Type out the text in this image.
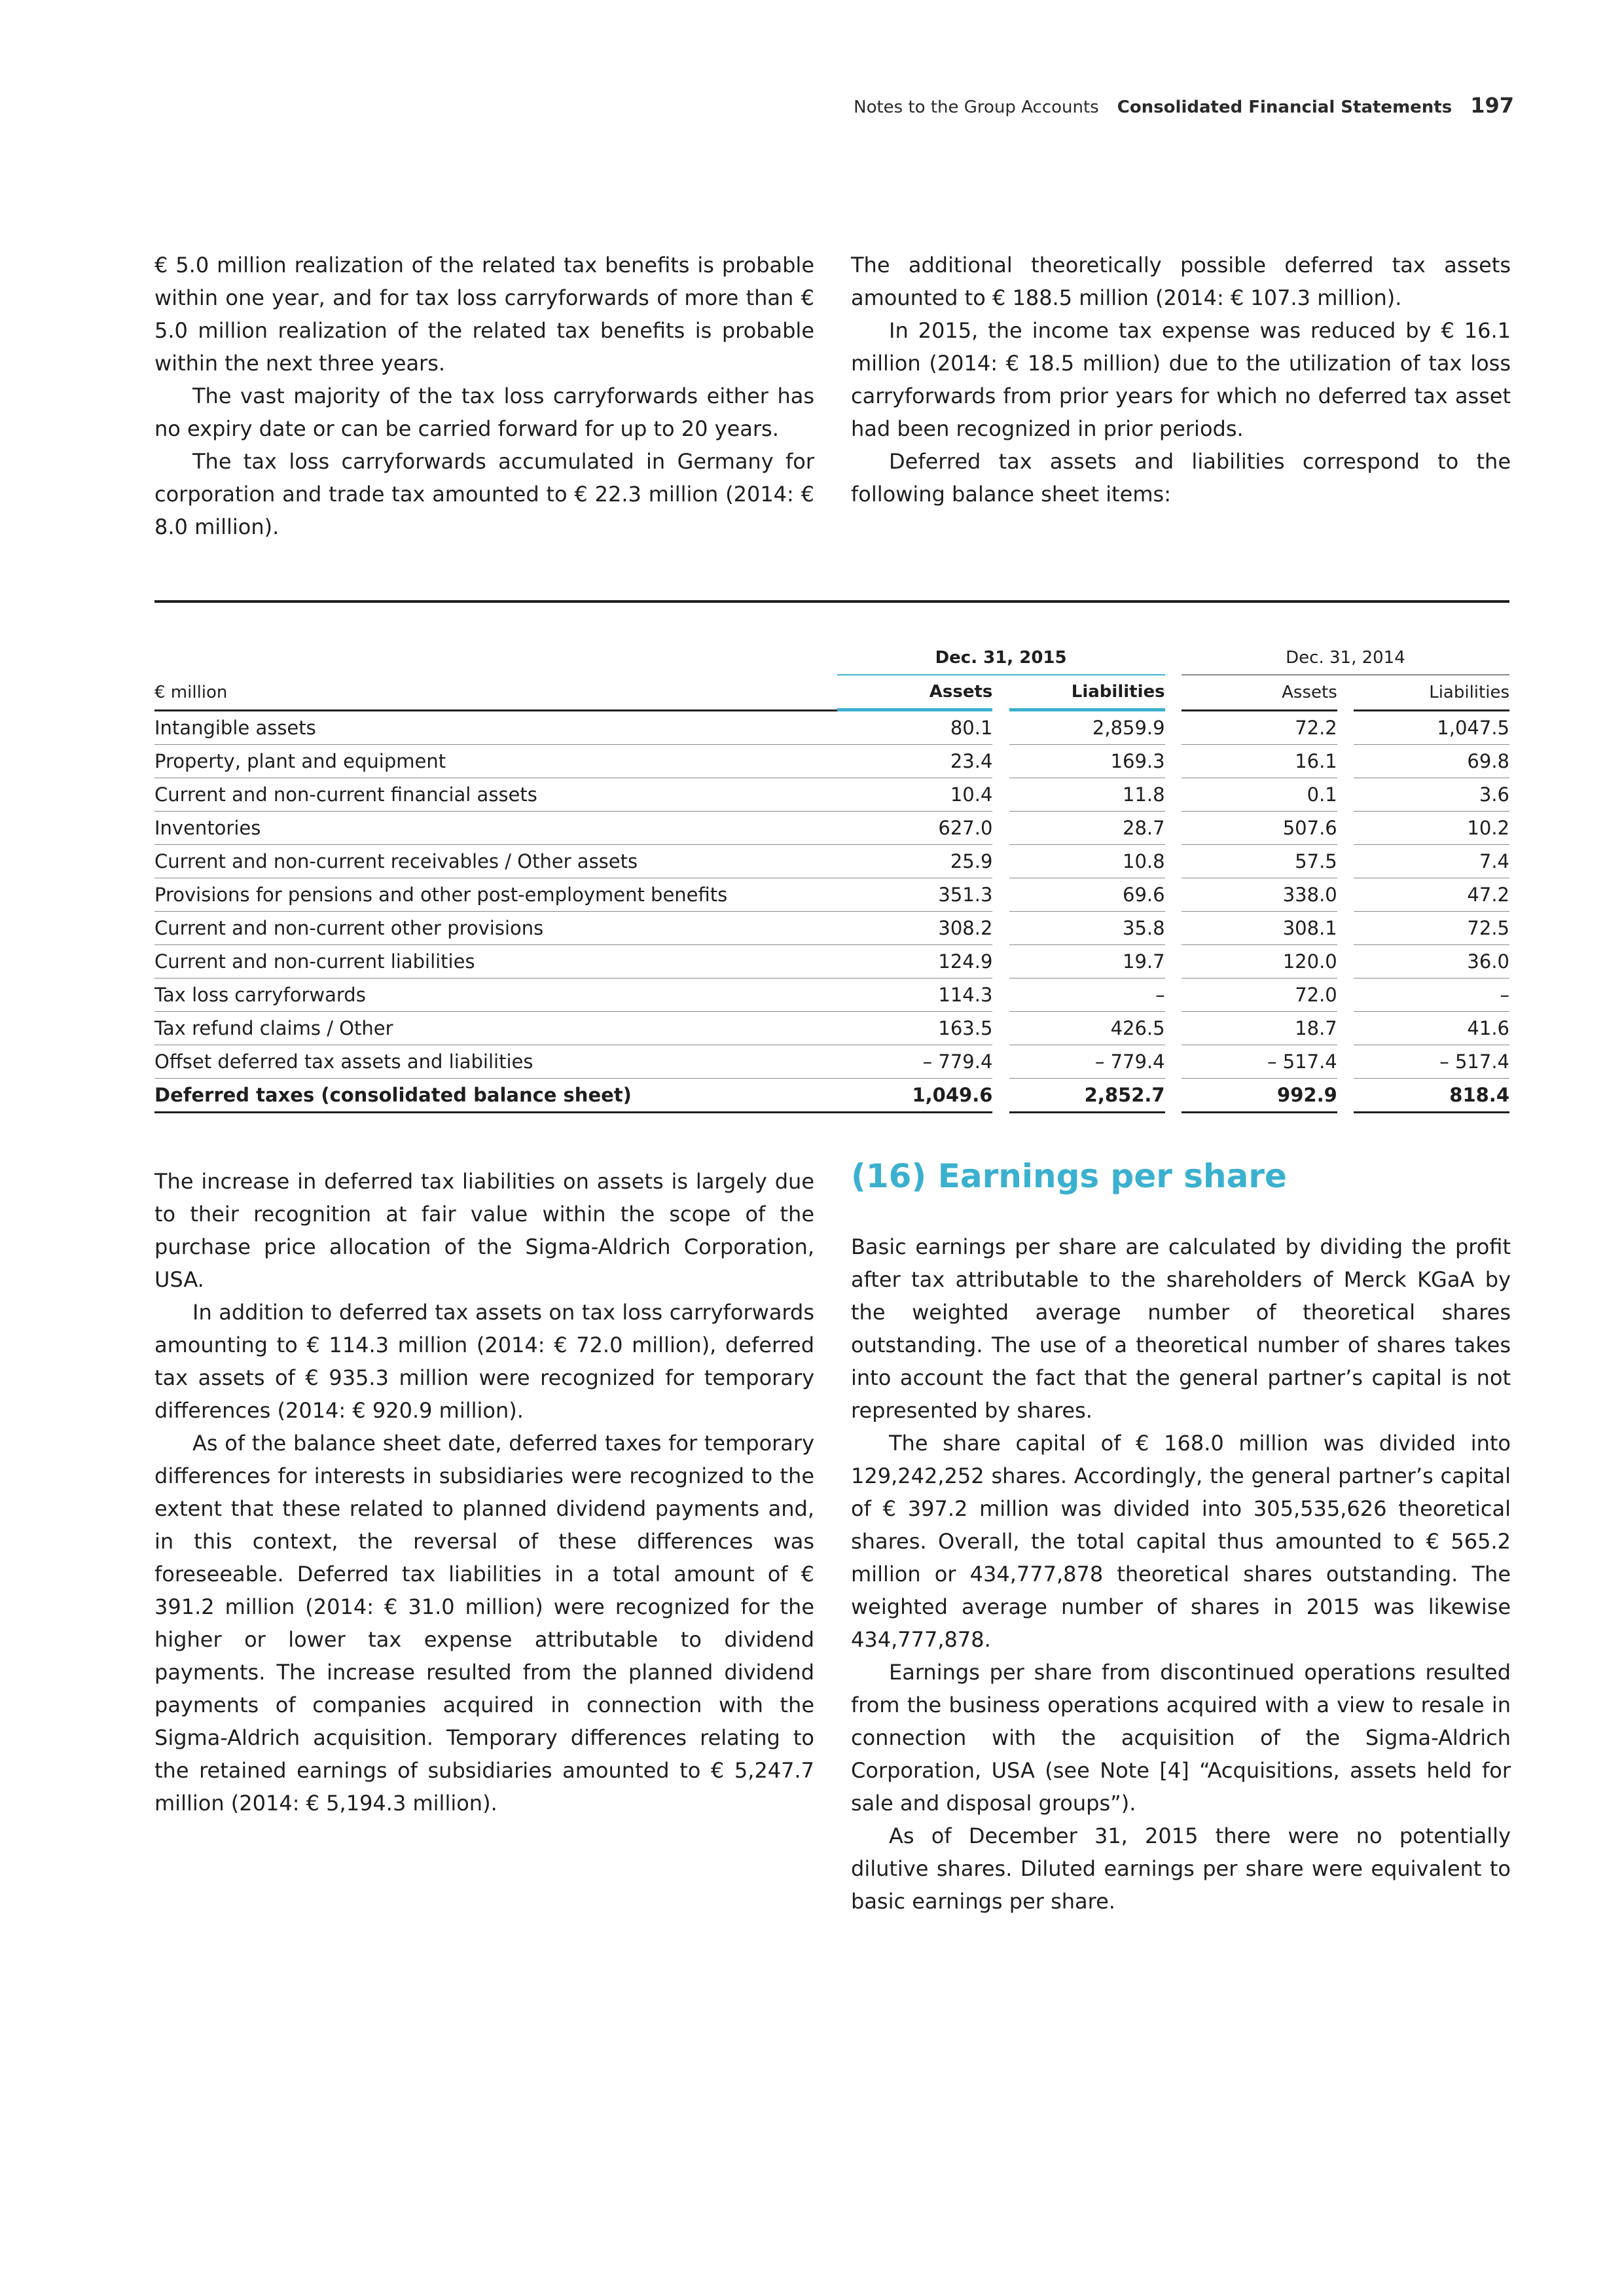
Notes to the Group Accounts Consolidated Financial Statements 197

€ 5.0 million realization of the related tax benefits is probable within one year, and for tax loss carryforwards of more than € 5.0 million realization of the related tax benefits is probable within the next three years.

The vast majority of the tax loss carryforwards either has no expiry date or can be carried forward for up to 20 years.

The tax loss carryforwards accumulated in Germany for corporation and trade tax amounted to € 22.3 million (2014: € 8.0 million).

The additional theoretically possible deferred tax assets amounted to € 188.5 million (2014: € 107.3 million).

In 2015, the income tax expense was reduced by € 16.1 million (2014: € 18.5 million) due to the utilization of tax loss carryforwards from prior years for which no deferred tax asset had been recognized in prior periods.

Deferred tax assets and liabilities correspond to the following balance sheet items:

	Dec. 31, 2015				Dec. 31, 2014		
€ million	Assets		Liabilities		Assets		Liabilities
Intangible assets	80.1		2,859.9		72.2		1,047.5
Property, plant and equipment	23.4		169.3		16.1		69.8
Current and non-current financial assets	10.4		11.8		0.1		3.6
Inventories	627.0		28.7		507.6		10.2
Current and non-current receivables / Other assets	25.9		10.8		57.5		7.4
Provisions for pensions and other post-employment benefits	351.3		69.6		338.0		47.2
Current and non-current other provisions	308.2		35.8		308.1		72.5
Current and non-current liabilities	124.9		19.7		120.0		36.0
Tax loss carryforwards	114.3		–		72.0		–
Tax refund claims / Other	163.5		426.5		18.7		41.6
Offset deferred tax assets and liabilities	– 779.4		– 779.4		– 517.4		– 517.4
Deferred taxes (consolidated balance sheet)	1,049.6		2,852.7		992.9		818.4

The increase in deferred tax liabilities on assets is largely due to their recognition at fair value within the scope of the purchase price allocation of the Sigma-Aldrich Corporation, USA.

In addition to deferred tax assets on tax loss carryforwards amounting to € 114.3 million (2014: € 72.0 million), deferred tax assets of € 935.3 million were recognized for temporary differences (2014: € 920.9 million).

As of the balance sheet date, deferred taxes for temporary differences for interests in subsidiaries were recognized to the extent that these related to planned dividend payments and, in this context, the reversal of these differences was foreseeable. Deferred tax liabilities in a total amount of € 391.2 million (2014: € 31.0 million) were recognized for the higher or lower tax expense attributable to dividend payments. The increase resulted from the planned dividend payments of companies acquired in connection with the Sigma-Aldrich acquisition. Temporary differences relating to the retained earnings of subsidiaries amounted to € 5,247.7 million (2014: € 5,194.3 million).

(16) Earnings per share

Basic earnings per share are calculated by dividing the profit after tax attributable to the shareholders of Merck KGaA by the weighted average number of theoretical shares outstanding. The use of a theoretical number of shares takes into account the fact that the general partner’s capital is not represented by shares.

The share capital of € 168.0 million was divided into 129,242,252 shares. Accordingly, the general partner’s capital of € 397.2 million was divided into 305,535,626 theoretical shares. Overall, the total capital thus amounted to € 565.2 million or 434,777,878 theoretical shares outstanding. The weighted average number of shares in 2015 was likewise 434,777,878.

Earnings per share from discontinued operations resulted from the business operations acquired with a view to resale in connection with the acquisition of the Sigma-Aldrich Corporation, USA (see Note [4] “Acquisitions, assets held for sale and disposal groups”).

As of December 31, 2015 there were no potentially dilutive shares. Diluted earnings per share were equivalent to basic earnings per share.
